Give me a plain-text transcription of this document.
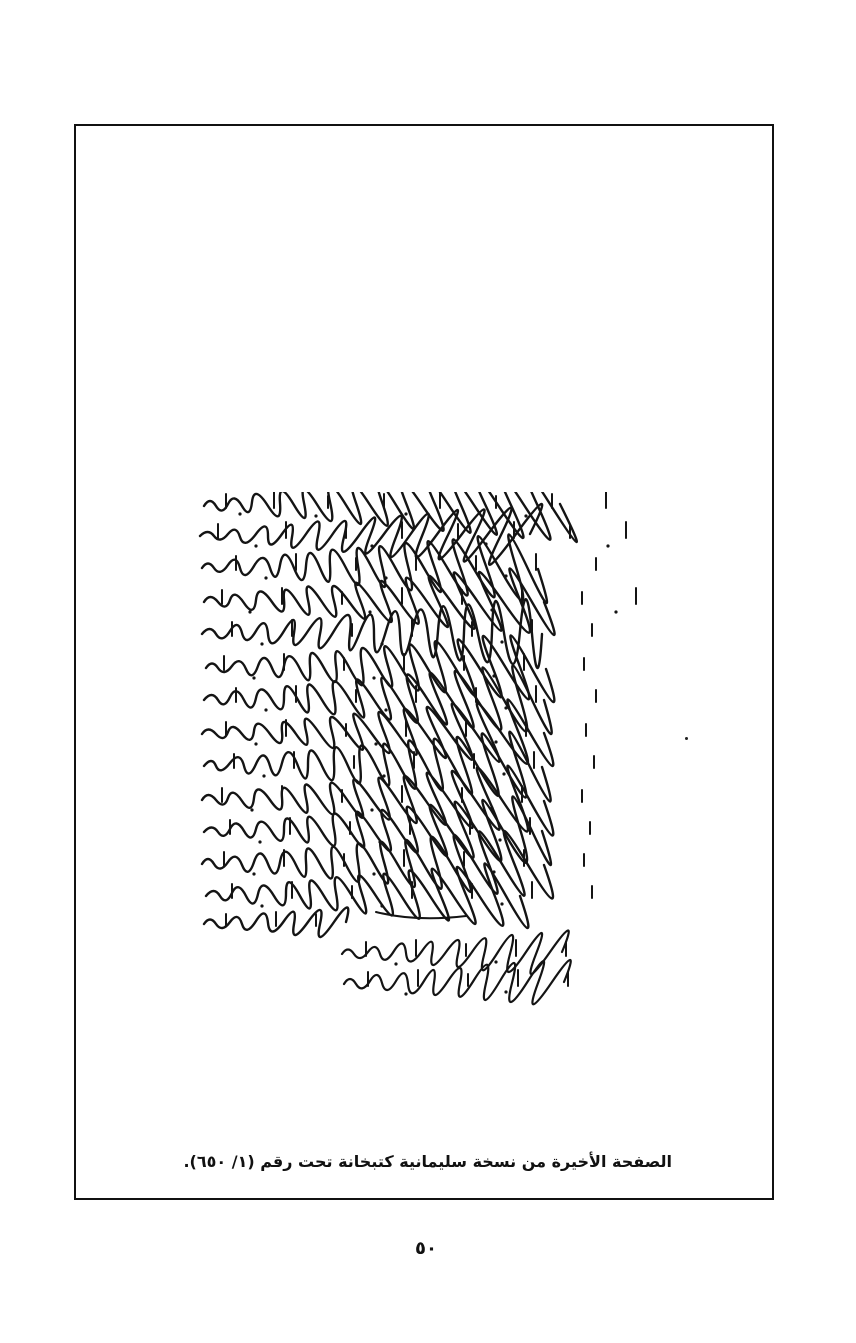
الصفحة الأخيرة من نسخة سليمانية كتبخانة تحت رقم (١/ ٦٥٠).
٥٠
